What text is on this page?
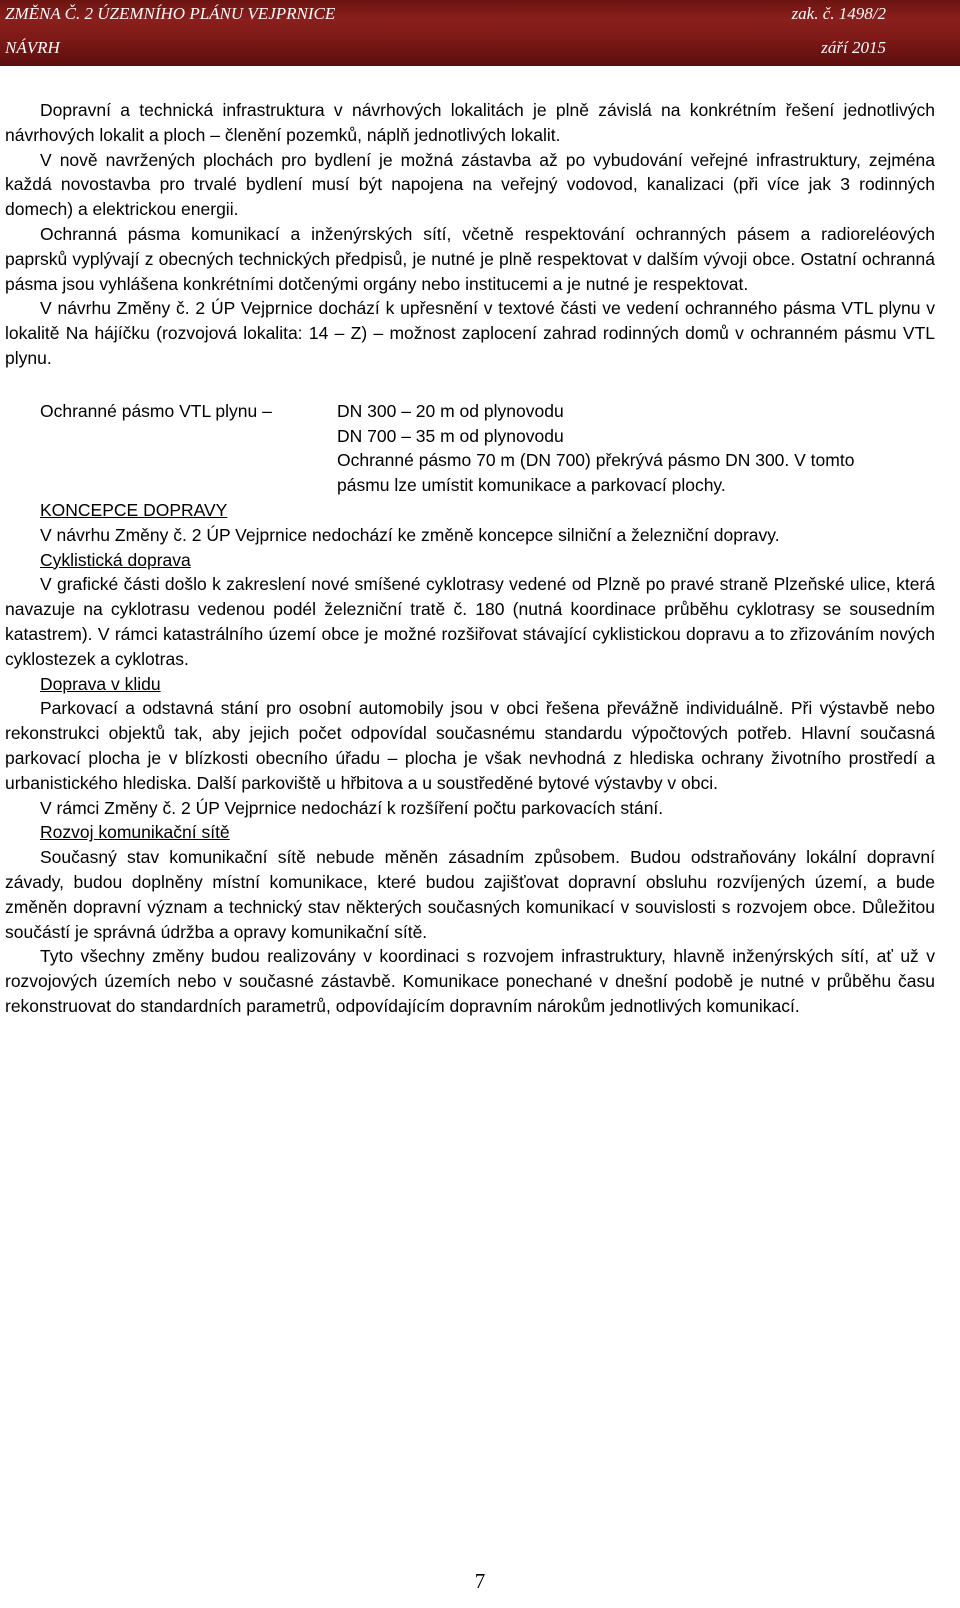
ZMĚNA Č. 2 ÚZEMNÍHO PLÁNU VEJPRNICE	zak. č. 1498/2
NÁVRH	září 2015

Dopravní a technická infrastruktura v návrhových lokalitách je plně závislá na konkrétním řešení jednotlivých návrhových lokalit a ploch – členění pozemků, náplň jednotlivých lokalit.

V nově navržených plochách pro bydlení je možná zástavba až po vybudování veřejné infrastruktury, zejména každá novostavba pro trvalé bydlení musí být napojena na veřejný vodovod, kanalizaci (při více jak 3 rodinných domech) a elektrickou energii.

Ochranná pásma komunikací a inženýrských sítí, včetně respektování ochranných pásem a radioreléových paprsků vyplývají z obecných technických předpisů, je nutné je plně respektovat v dalším vývoji obce. Ostatní ochranná pásma jsou vyhlášena konkrétními dotčenými orgány nebo institucemi a je nutné je respektovat.

V návrhu Změny č. 2 ÚP Vejprnice dochází k upřesnění v textové části ve vedení ochranného pásma VTL plynu v lokalitě Na hájíčku (rozvojová lokalita: 14 – Z) – možnost zaplocení zahrad rodinných domů v ochranném pásmu VTL plynu.

Ochranné pásmo VTL plynu –	DN 300 – 20 m od plynovodu
DN 700 – 35 m od plynovodu
Ochranné pásmo 70 m (DN 700) překrývá pásmo DN 300. V tomto pásmu lze umístit komunikace a parkovací plochy.

KONCEPCE DOPRAVY

V návrhu Změny č. 2 ÚP Vejprnice nedochází ke změně koncepce silniční a železniční dopravy.

Cyklistická doprava

V grafické části došlo k zakreslení nové smíšené cyklotrasy vedené od Plzně po pravé straně Plzeňské ulice, která navazuje na cyklotrasu vedenou podél železniční tratě č. 180 (nutná koordinace průběhu cyklotrasy se sousedním katastrem). V rámci katastrálního území obce je možné rozšiřovat stávající cyklistickou dopravu a to zřizováním nových cyklostezek a cyklotras.

Doprava v klidu

Parkovací a odstavná stání pro osobní automobily jsou v obci řešena převážně individuálně. Při výstavbě nebo rekonstrukci objektů tak, aby jejich počet odpovídal současnému standardu výpočtových potřeb. Hlavní současná parkovací plocha je v blízkosti obecního úřadu – plocha je však nevhodná z hlediska ochrany životního prostředí a urbanistického hlediska. Další parkoviště u hřbitova a u soustředěné bytové výstavby v obci.

V rámci Změny č. 2 ÚP Vejprnice nedochází k rozšíření počtu parkovacích stání.

Rozvoj komunikační sítě

Současný stav komunikační sítě nebude měněn zásadním způsobem. Budou odstraňovány lokální dopravní závady, budou doplněny místní komunikace, které budou zajišťovat dopravní obsluhu rozvíjených území, a bude změněn dopravní význam a technický stav některých současných komunikací v souvislosti s rozvojem obce. Důležitou součástí je správná údržba a opravy komunikační sítě.

Tyto všechny změny budou realizovány v koordinaci s rozvojem infrastruktury, hlavně inženýrských sítí, ať už v rozvojových územích nebo v současné zástavbě. Komunikace ponechané v dnešní podobě je nutné v průběhu času rekonstruovat do standardních parametrů, odpovídajícím dopravním nárokům jednotlivých komunikací.

7
